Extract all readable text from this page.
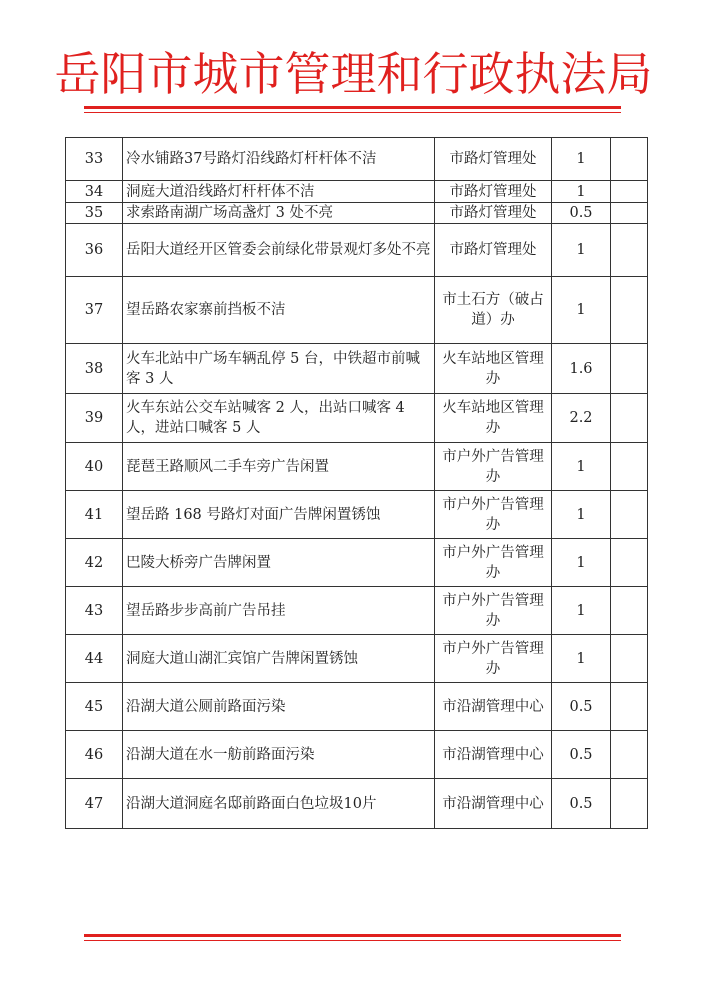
岳阳市城市管理和行政执法局
33	冷水铺路37号路灯沿线路灯杆杆体不洁	市路灯管理处	1	
34	洞庭大道沿线路灯杆杆体不洁	市路灯管理处	1	
35	求索路南湖广场高盏灯 3 处不亮	市路灯管理处	0.5	
36	岳阳大道经开区管委会前绿化带景观灯多处不亮	市路灯管理处	1	
37	望岳路农家寨前挡板不洁	市土石方（破占道）办	1	
38	火车北站中广场车辆乱停 5 台，中铁超市前喊客 3 人	火车站地区管理办	1.6	
39	火车东站公交车站喊客 2 人，出站口喊客 4 人，进站口喊客 5 人	火车站地区管理办	2.2	
40	琵琶王路顺风二手车旁广告闲置	市户外广告管理办	1	
41	望岳路 168 号路灯对面广告牌闲置锈蚀	市户外广告管理办	1	
42	巴陵大桥旁广告牌闲置	市户外广告管理办	1	
43	望岳路步步高前广告吊挂	市户外广告管理办	1	
44	洞庭大道山湖汇宾馆广告牌闲置锈蚀	市户外广告管理办	1	
45	沿湖大道公厕前路面污染	市沿湖管理中心	0.5	
46	沿湖大道在水一舫前路面污染	市沿湖管理中心	0.5	
47	沿湖大道洞庭名邸前路面白色垃圾10片	市沿湖管理中心	0.5	
